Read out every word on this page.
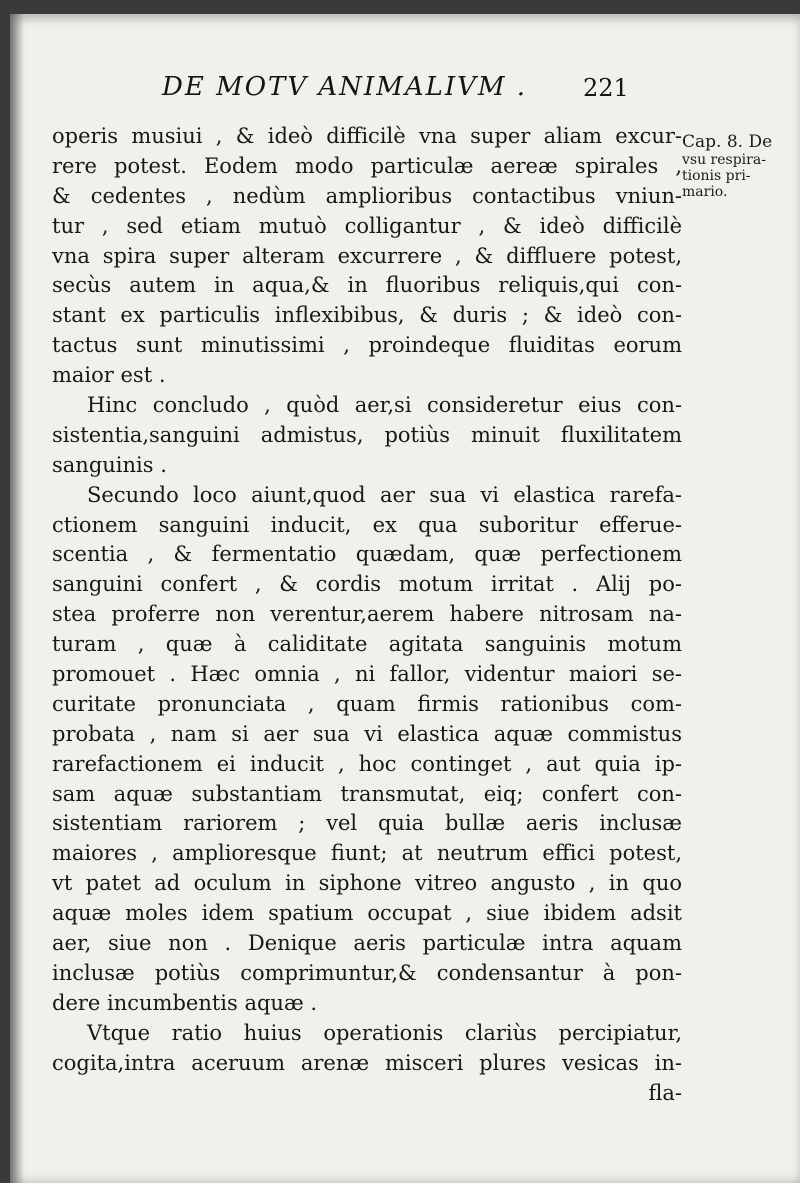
DE MOTV ANIMALIVM . 221
Cap. 8. De
vsu respira-
tionis pri-
mario.
operis musiui , & ideò difficilè vna super aliam excur-
rere potest. Eodem modo particulæ aereæ spirales ,
& cedentes , nedùm amplioribus contactibus vniun-
tur , sed etiam mutuò colligantur , & ideò difficilè
vna spira super alteram excurrere , & diffluere potest,
secùs autem in aqua,& in fluoribus reliquis,qui con-
stant ex particulis inflexibibus, & duris ; & ideò con-
tactus sunt minutissimi , proindeque fluiditas eorum
maior est .
Hinc concludo , quòd aer,si consideretur eius con-
sistentia,sanguini admistus, potiùs minuit fluxilitatem
sanguinis .
Secundo loco aiunt,quod aer sua vi elastica rarefa-
ctionem sanguini inducit, ex qua suboritur efferue-
scentia , & fermentatio quædam, quæ perfectionem
sanguini confert , & cordis motum irritat . Alij po-
stea proferre non verentur,aerem habere nitrosam na-
turam , quæ à caliditate agitata sanguinis motum
promouet . Hæc omnia , ni fallor, videntur maiori se-
curitate pronunciata , quam firmis rationibus com-
probata , nam si aer sua vi elastica aquæ commistus
rarefactionem ei inducit , hoc continget , aut quia ip-
sam aquæ substantiam transmutat, eiq; confert con-
sistentiam rariorem ; vel quia bullæ aeris inclusæ
maiores , amplioresque fiunt; at neutrum effici potest,
vt patet ad oculum in siphone vitreo angusto , in quo
aquæ moles idem spatium occupat , siue ibidem adsit
aer, siue non . Denique aeris particulæ intra aquam
inclusæ potiùs comprimuntur,& condensantur à pon-
dere incumbentis aquæ .
Vtque ratio huius operationis clariùs percipiatur,
cogita,intra aceruum arenæ misceri plures vesicas in-
fla-
